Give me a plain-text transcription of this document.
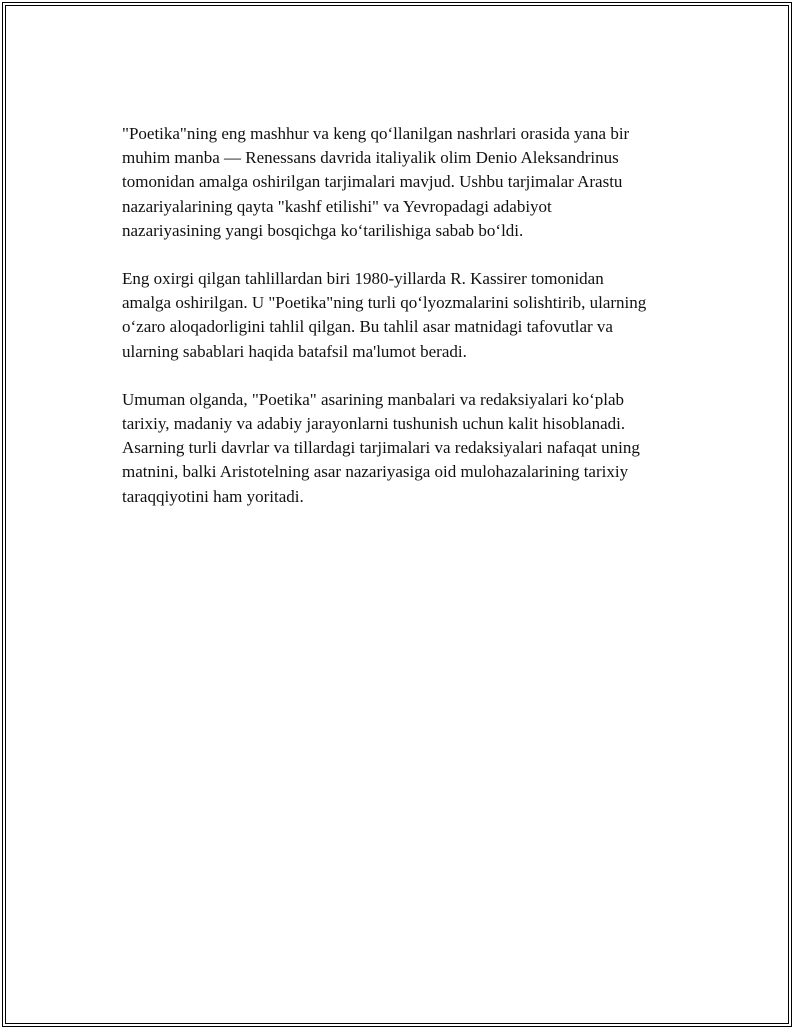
"Poetika"ning eng mashhur va keng qo‘llanilgan nashrlari orasida yana bir
muhim manba — Renessans davrida italiyalik olim Denio Aleksandrinus
tomonidan amalga oshirilgan tarjimalari mavjud. Ushbu tarjimalar Arastu
nazariyalarining qayta "kashf etilishi" va Yevropadagi adabiyot
nazariyasining yangi bosqichga ko‘tarilishiga sabab bo‘ldi.

Eng oxirgi qilgan tahlillardan biri 1980-yillarda R. Kassirer tomonidan
amalga oshirilgan. U "Poetika"ning turli qo‘lyozmalarini solishtirib, ularning
o‘zaro aloqadorligini tahlil qilgan. Bu tahlil asar matnidagi tafovutlar va
ularning sabablari haqida batafsil ma'lumot beradi.

Umuman olganda, "Poetika" asarining manbalari va redaksiyalari ko‘plab
tarixiy, madaniy va adabiy jarayonlarni tushunish uchun kalit hisoblanadi.
Asarning turli davrlar va tillardagi tarjimalari va redaksiyalari nafaqat uning
matnini, balki Aristotelning asar nazariyasiga oid mulohazalarining tarixiy
taraqqiyotini ham yoritadi.
